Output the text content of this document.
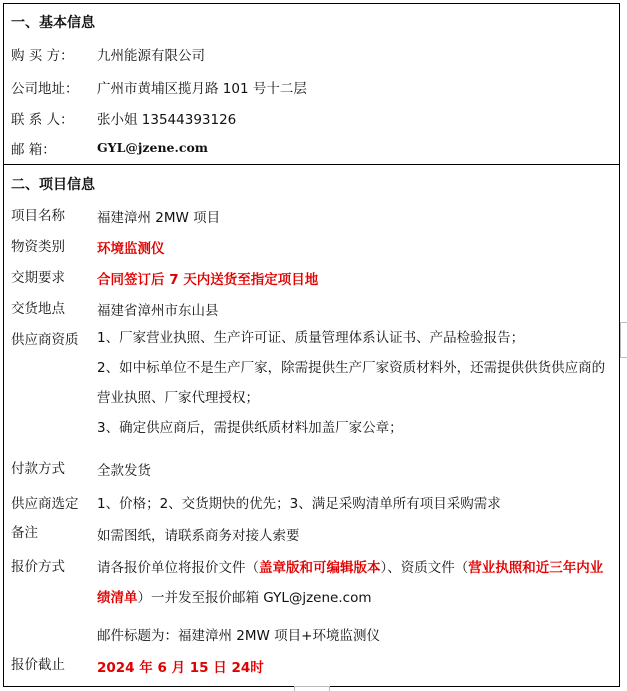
一、基本信息
购 买 方： 九州能源有限公司
公司地址： 广州市黄埔区揽月路 101 号十二层
联 系 人： 张小姐 13544393126
邮 箱：	GYL@jzene.com
二、项目信息
项目名称 福建漳州 2MW 项目
物资类别 环境监测仪
交期要求 合同签订后 7 天内送货至指定项目地
交货地点 福建省漳州市东山县
供应商资质 1、厂家营业执照、生产许可证、质量管理体系认证书、产品检验报告；
2、如中标单位不是生产厂家，除需提供生产厂家资质材料外，还需提供供货供应商的营业执照、厂家代理授权；
3、确定供应商后，需提供纸质材料加盖厂家公章；
付款方式 全款发货
供应商选定 1、价格；2、交货期快的优先；3、满足采购清单所有项目采购需求
备注	如需图纸，请联系商务对接人索要
报价方式 请各报价单位将报价文件（盖章版和可编辑版本）、资质文件（营业执照和近三年内业绩清单）一并发至报价邮箱 GYL@jzene.com
邮件标题为：福建漳州 2MW 项目+环境监测仪
报价截止 2024 年 6 月 15 日 24时
